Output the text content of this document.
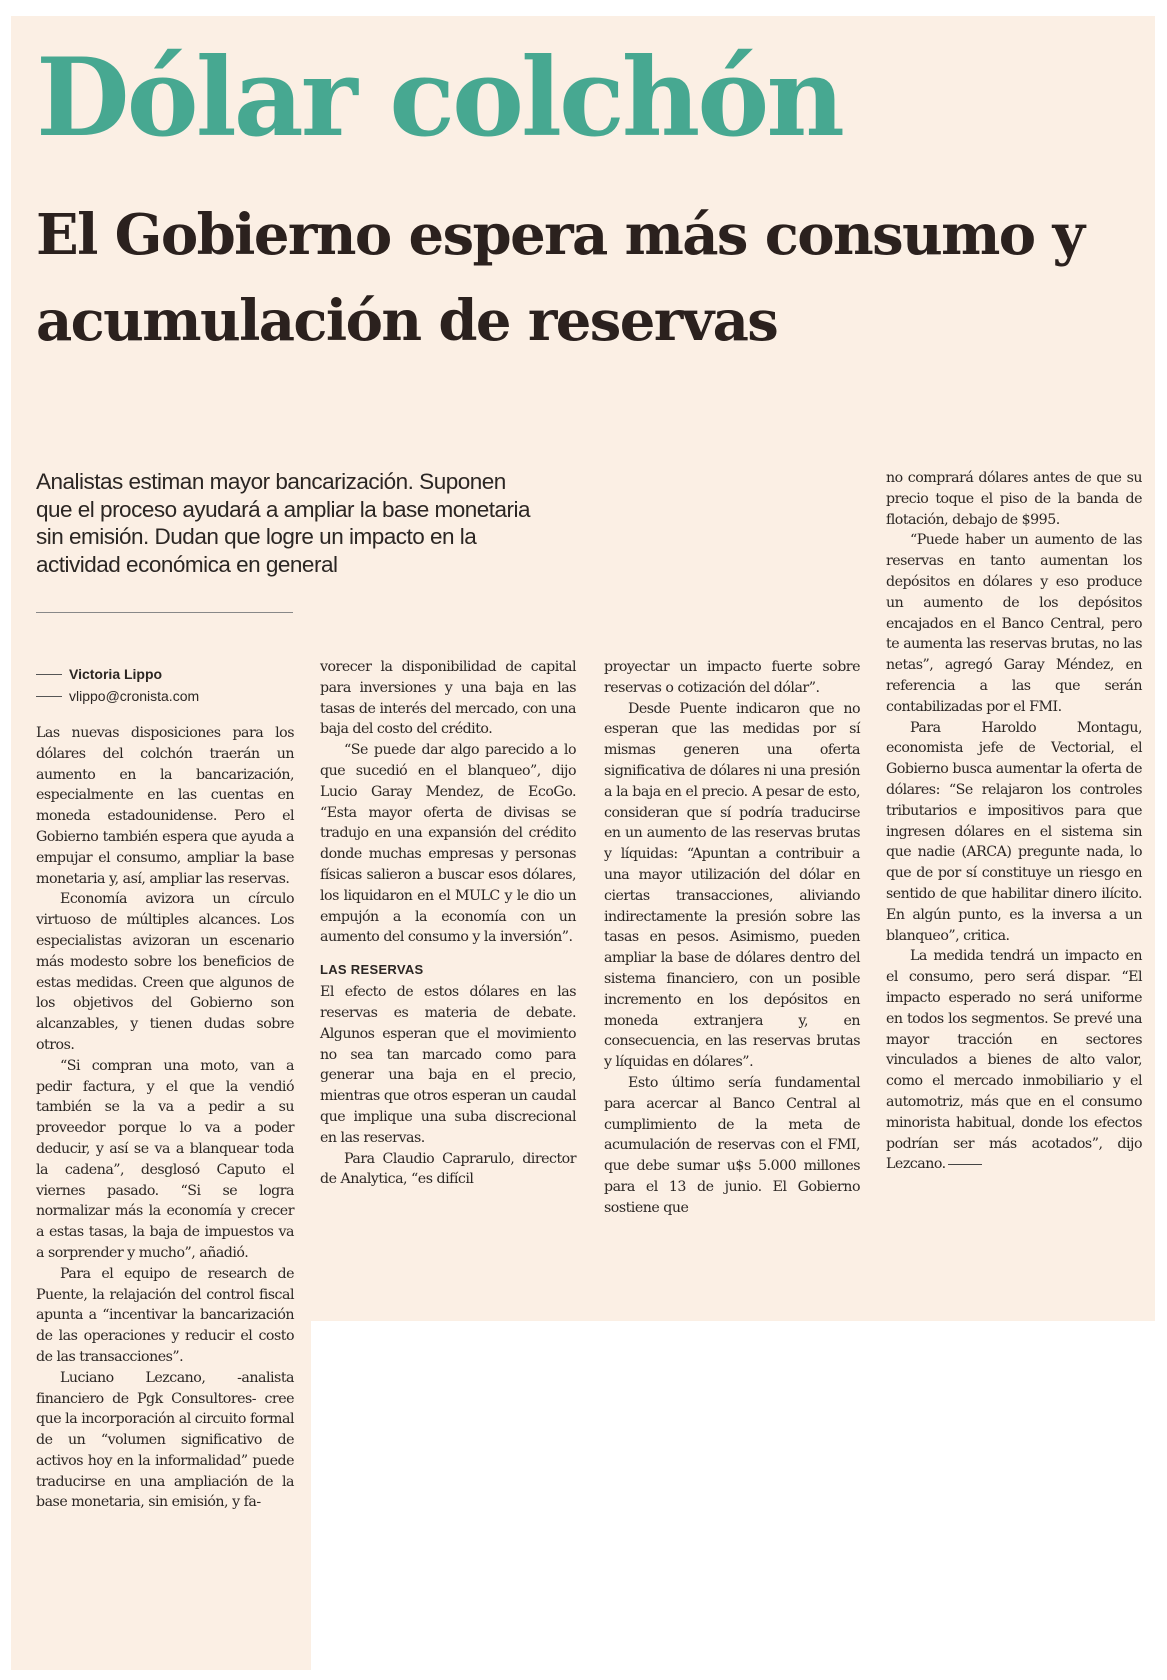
Dólar colchón
El Gobierno espera más consumo y acumulación de reservas

Analistas estiman mayor bancarización. Suponen que el proceso ayudará a ampliar la base monetaria sin emisión. Dudan que logre un impacto en la actividad económica en general

Victoria Lippo
vlippo@cronista.com

Las nuevas disposiciones para los dólares del colchón traerán un aumento en la bancarización, especialmente en las cuentas en moneda estadounidense. Pero el Gobierno también espera que ayuda a empujar el consumo, ampliar la base monetaria y, así, ampliar las reservas.

Economía avizora un círculo virtuoso de múltiples alcances. Los especialistas avizoran un escenario más modesto sobre los beneficios de estas medidas. Creen que algunos de los objetivos del Gobierno son alcanzables, y tienen dudas sobre otros.

“Si compran una moto, van a pedir factura, y el que la vendió también se la va a pedir a su proveedor porque lo va a poder deducir, y así se va a blanquear toda la cadena”, desglosó Caputo el viernes pasado. “Si se logra normalizar más la economía y crecer a estas tasas, la baja de impuestos va a sorprender y mucho”, añadió.

Para el equipo de research de Puente, la relajación del control fiscal apunta a “incentivar la bancarización de las operaciones y reducir el costo de las transacciones”.

Luciano Lezcano, -analista financiero de Pgk Consultores- cree que la incorporación al circuito formal de un “volumen significativo de activos hoy en la informalidad” puede traducirse en una ampliación de la base monetaria, sin emisión, y fa-

vorecer la disponibilidad de capital para inversiones y una baja en las tasas de interés del mercado, con una baja del costo del crédito.

“Se puede dar algo parecido a lo que sucedió en el blanqueo”, dijo Lucio Garay Mendez, de EcoGo. “Esta mayor oferta de divisas se tradujo en una expansión del crédito donde muchas empresas y personas físicas salieron a buscar esos dólares, los liquidaron en el MULC y le dio un empujón a la economía con un aumento del consumo y la inversión”.

LAS RESERVAS

El efecto de estos dólares en las reservas es materia de debate. Algunos esperan que el movimiento no sea tan marcado como para generar una baja en el precio, mientras que otros esperan un caudal que implique una suba discrecional en las reservas.

Para Claudio Caprarulo, director de Analytica, “es difícil

proyectar un impacto fuerte sobre reservas o cotización del dólar”.

Desde Puente indicaron que no esperan que las medidas por sí mismas generen una oferta significativa de dólares ni una presión a la baja en el precio. A pesar de esto, consideran que sí podría traducirse en un aumento de las reservas brutas y líquidas: “Apuntan a contribuir a una mayor utilización del dólar en ciertas transacciones, aliviando indirectamente la presión sobre las tasas en pesos. Asimismo, pueden ampliar la base de dólares dentro del sistema financiero, con un posible incremento en los depósitos en moneda extranjera y, en consecuencia, en las reservas brutas y líquidas en dólares”.

Esto último sería fundamental para acercar al Banco Central al cumplimiento de la meta de acumulación de reservas con el FMI, que debe sumar u$s 5.000 millones para el 13 de junio. El Gobierno sostiene que

no comprará dólares antes de que su precio toque el piso de la banda de flotación, debajo de $995.

“Puede haber un aumento de las reservas en tanto aumentan los depósitos en dólares y eso produce un aumento de los depósitos encajados en el Banco Central, pero te aumenta las reservas brutas, no las netas”, agregó Garay Méndez, en referencia a las que serán contabilizadas por el FMI.

Para Haroldo Montagu, economista jefe de Vectorial, el Gobierno busca aumentar la oferta de dólares: “Se relajaron los controles tributarios e impositivos para que ingresen dólares en el sistema sin que nadie (ARCA) pregunte nada, lo que de por sí constituye un riesgo en sentido de que habilitar dinero ilícito. En algún punto, es la inversa a un blanqueo”, critica.

La medida tendrá un impacto en el consumo, pero será dispar. “El impacto esperado no será uniforme en todos los segmentos. Se prevé una mayor tracción en sectores vinculados a bienes de alto valor, como el mercado inmobiliario y el automotriz, más que en el consumo minorista habitual, donde los efectos podrían ser más acotados”, dijo Lezcano.
